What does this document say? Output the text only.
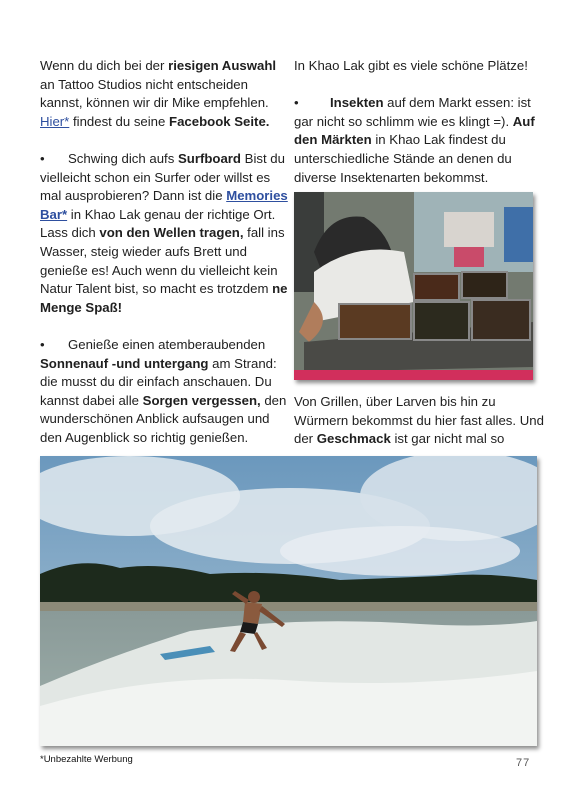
Wenn du dich bei der riesigen Auswahl an Tattoo Studios nicht entscheiden kannst, können wir dir Mike empfehlen. Hier* findest du seine Facebook Seite.

• Schwing dich aufs Surfboard Bist du vielleicht schon ein Surfer oder willst es mal ausprobieren? Dann ist die Memories Bar* in Khao Lak genau der richtige Ort. Lass dich von den Wellen tragen, fall ins Wasser, steig wieder aufs Brett und genieße es! Auch wenn du vielleicht kein Natur Talent bist, so macht es trotzdem ne Menge Spaß!

• Genieße einen atemberaubenden Sonnenauf -und untergang am Strand: die musst du dir einfach anschauen. Du kannst dabei alle Sorgen vergessen, den wunderschönen Anblick aufsaugen und den Augenblick so richtig genießen.

In Khao Lak gibt es viele schöne Plätze!

• Insekten auf dem Markt essen: ist gar nicht so schlimm wie es klingt =). Auf den Märkten in Khao Lak findest du unterschiedliche Stände an denen du diverse Insektenarten bekommst.

Von Grillen, über Larven bis hin zu Würmern bekommst du hier fast alles. Und der Geschmack ist gar nicht mal so

*Unbezahlte Werbung	77
